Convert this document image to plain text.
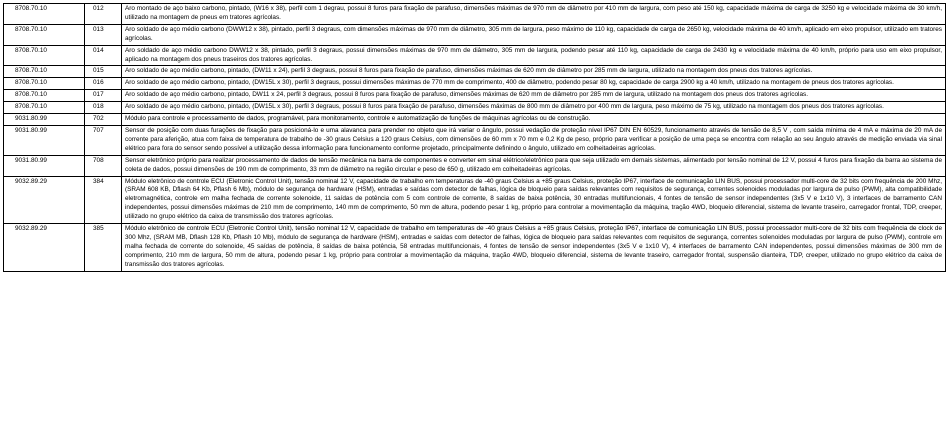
8708.70.10	012	Aro montado de aço baixo carbono, pintado, (W16 x 38), perfil com 1 degrau, possui 8 furos para fixação de parafuso, dimensões máximas de 970 mm de diâmetro por 410 mm de largura, com peso até 150 kg, capacidade máxima de carga de 3250 kg e velocidade máxima de 30 km/h, utilizado na montagem de pneus em tratores agrícolas.
8708.70.10	013	Aro soldado de aço médio carbono (DWW12 x 38), pintado, perfil 3 degraus, com dimensões máximas de 970 mm de diâmetro, 305 mm de largura, peso máximo de 110 kg, capacidade de carga de 2650 kg, velocidade máxima de 40 km/h, aplicado em eixo propulsor, utilizado em tratores agrícolas.
8708.70.10	014	Aro soldado de aço médio carbono DWW12 x 38, pintado, perfil 3 degraus, possui dimensões máximas de 970 mm de diâmetro, 305 mm de largura, podendo pesar até 110 kg, capacidade de carga de 2430 kg e velocidade máxima de 40 km/h, próprio para uso em eixo propulsor, aplicado na montagem dos pneus traseiros dos tratores agrícolas.
8708.70.10	015	Aro soldado de aço médio carbono, pintado, (DW11 x 24), perfil 3 degraus, possui 8 furos para fixação de parafuso, dimensões máximas de 620 mm de diâmetro por 285 mm de largura, utilizado na montagem dos pneus dos tratores agrícolas.
8708.70.10	016	Aro soldado de aço médio carbono, pintado, (DW15L x 30), perfil 3 degraus, possui dimensões máximas de 770 mm de comprimento, 400 de diâmetro, podendo pesar 80 kg, capacidade de carga 2900 kg a 40 km/h, utilizado na montagem de pneus dos tratores agrícolas.
8708.70.10	017	Aro soldado de aço médio carbono, pintado, DW11 x 24, perfil 3 degraus, possui 8 furos para fixação de parafuso, dimensões máximas de 620 mm de diâmetro por 285 mm de largura, utilizado na montagem dos pneus dos tratores agrícolas.
8708.70.10	018	Aro soldado de aço médio carbono, pintado, (DW15L x 30), perfil 3 degraus, possui 8 furos para fixação de parafuso, dimensões máximas de 800 mm de diâmetro por 400 mm de largura, peso máximo de 75 kg, utilizado na montagem dos pneus dos tratores agrícolas.
9031.80.99	702	Módulo para controle e processamento de dados, programável, para monitoramento, controle e automatização de funções de máquinas agrícolas ou de construção.
9031.80.99	707	Sensor de posição com duas furações de fixação para posicioná-lo e uma alavanca para prender no objeto que irá variar o ângulo, possui vedação de proteção nível IP67 DIN EN 60529, funcionamento através de tensão de 8,5 V , com saída mínima de 4 mA e máxima de 20 mA de corrente para aferição, atua com faixa de temperatura de trabalho de -30 graus Celsius a 120 graus Celsius, com dimensões de 60 mm x 70 mm e 0,2 Kg de peso, próprio para verificar a posição de uma peça se encontra com relação ao seu ângulo através de medição enviada via sinal elétrico para fora do sensor sendo possível a utilização dessa informação para funcionamento conforme projetado, principalmente definindo o ângulo, utilizado em colheitadeiras agrícolas.
9031.80.99	708	Sensor eletrônico próprio para realizar processamento de dados de tensão mecânica na barra de componentes e converter em sinal elétrico/eletrônico para que seja utilizado em demais sistemas, alimentado por tensão nominal de 12 V, possui 4 furos para fixação da barra ao sistema de coleta de dados, possui dimensões de 190 mm de comprimento, 33 mm de diâmetro na região circular e peso de 650 g, utilizado em colheitadeiras agrícolas.
9032.89.29	384	Módulo eletrônico de controle ECU (Eletronic Control Unit), tensão nominal 12 V, capacidade de trabalho em temperaturas de -40 graus Celsius a +85 graus Celsius, proteção IP67, interface de comunicação LIN BUS, possui processador multi-core de 32 bits com frequência de 200 Mhz, (SRAM 608 KB, Dflash 64 Kb, Pflash 6 Mb), módulo de segurança de hardware (HSM), entradas e saídas com detector de falhas, lógica de bloqueio para saídas relevantes com requisitos de segurança, correntes solenoides moduladas por largura de pulso (PWM), alta compatibilidade eletromagnética, controle em malha fechada de corrente solenoide, 11 saídas de potência com 5 com controle de corrente, 8 saídas de baixa potência, 30 entradas multifuncionais, 4 fontes de tensão de sensor independentes (3x5 V e 1x10 V), 3 interfaces de barramento CAN independentes, possui dimensões máximas de 210 mm de comprimento, 140 mm de comprimento, 50 mm de altura, podendo pesar 1 kg, próprio para controlar a movimentação da máquina, tração 4WD, bloqueio diferencial, sistema de levante traseiro, carregador frontal, TDP, creeper, utilizado no grupo elétrico da caixa de transmissão dos tratores agrícolas.
9032.89.29	385	Módulo eletrônico de controle ECU (Eletronic Control Unit), tensão nominal 12 V, capacidade de trabalho em temperaturas de -40 graus Celsius a +85 graus Celsius, proteção IP67, interface de comunicação LIN BUS, possui processador multi-core de 32 bits com frequência de clock de 300 Mhz, (SRAM MB, Dflash 128 Kb, Pflash 10 Mb), módulo de segurança de hardware (HSM), entradas e saídas com detector de falhas, lógica de bloqueio para saídas relevantes com requisitos de segurança, correntes solenoides moduladas por largura de pulso (PWM), controle em malha fechada de corrente do solenoide, 45 saídas de potência, 8 saídas de baixa potência, 58 entradas multifuncionais, 4 fontes de tensão de sensor independentes (3x5 V e 1x10 V), 4 interfaces de barramento CAN independentes, possui dimensões máximas de 300 mm de comprimento, 210 mm de largura, 50 mm de altura, podendo pesar 1 kg, próprio para controlar a movimentação da máquina, tração 4WD, bloqueio diferencial, sistema de levante traseiro, carregador frontal, suspensão dianteira, TDP, creeper, utilizado no grupo elétrico da caixa de transmissão dos tratores agrícolas.
